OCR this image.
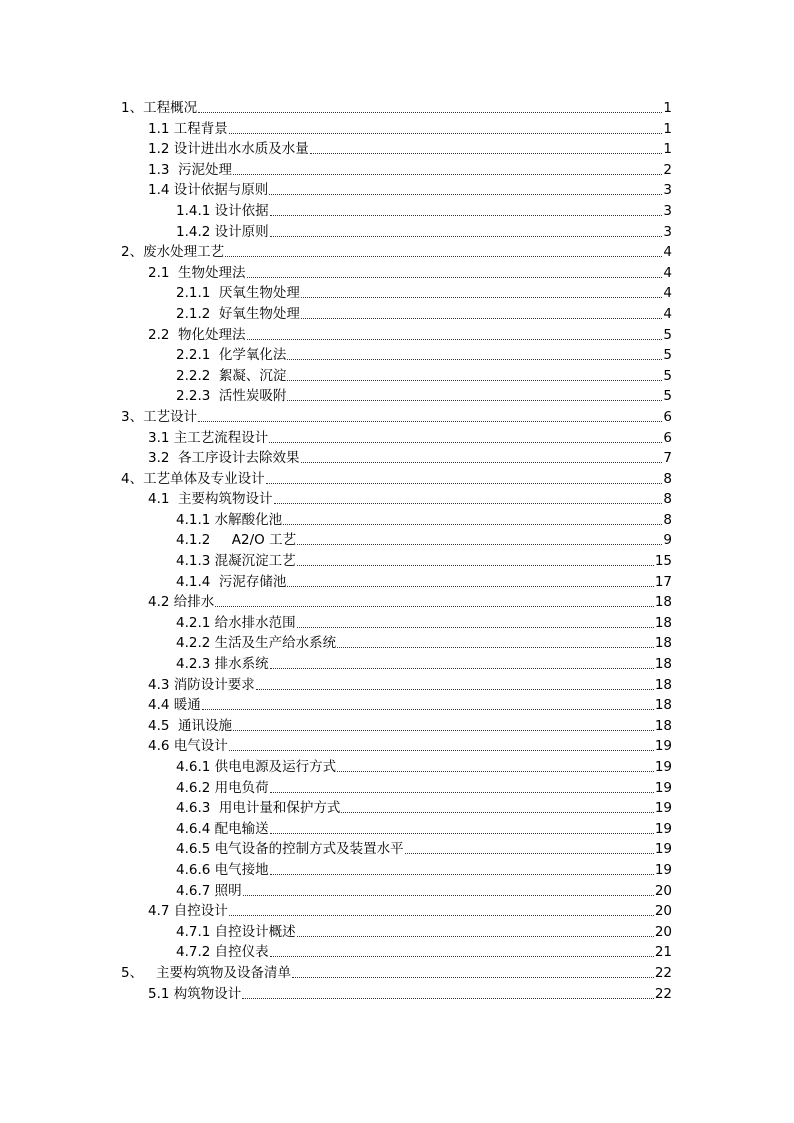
1、工程概况	1
1.1 工程背景	1
1.2 设计进出水水质及水量	1
1.3  污泥处理	2
1.4 设计依据与原则	3
1.4.1 设计依据	3
1.4.2 设计原则	3
2、废水处理工艺	4
2.1  生物处理法	4
2.1.1  厌氧生物处理	4
2.1.2  好氧生物处理	4
2.2  物化处理法	5
2.2.1  化学氧化法	5
2.2.2  絮凝、沉淀	5
2.2.3  活性炭吸附	5
3、工艺设计	6
3.1 主工艺流程设计	6
3.2  各工序设计去除效果	7
4、工艺单体及专业设计	8
4.1  主要构筑物设计	8
4.1.1 水解酸化池	8
4.1.2     A2/O 工艺	9
4.1.3 混凝沉淀工艺	15
4.1.4  污泥存储池	17
4.2 给排水	18
4.2.1 给水排水范围	18
4.2.2 生活及生产给水系统	18
4.2.3 排水系统	18
4.3 消防设计要求	18
4.4 暖通	18
4.5  通讯设施	18
4.6 电气设计	19
4.6.1 供电电源及运行方式	19
4.6.2 用电负荷	19
4.6.3  用电计量和保护方式	19
4.6.4 配电输送	19
4.6.5 电气设备的控制方式及装置水平	19
4.6.6 电气接地	19
4.6.7 照明	20
4.7 自控设计	20
4.7.1 自控设计概述	20
4.7.2 自控仪表	21
5、   主要构筑物及设备清单	22
5.1 构筑物设计	22
